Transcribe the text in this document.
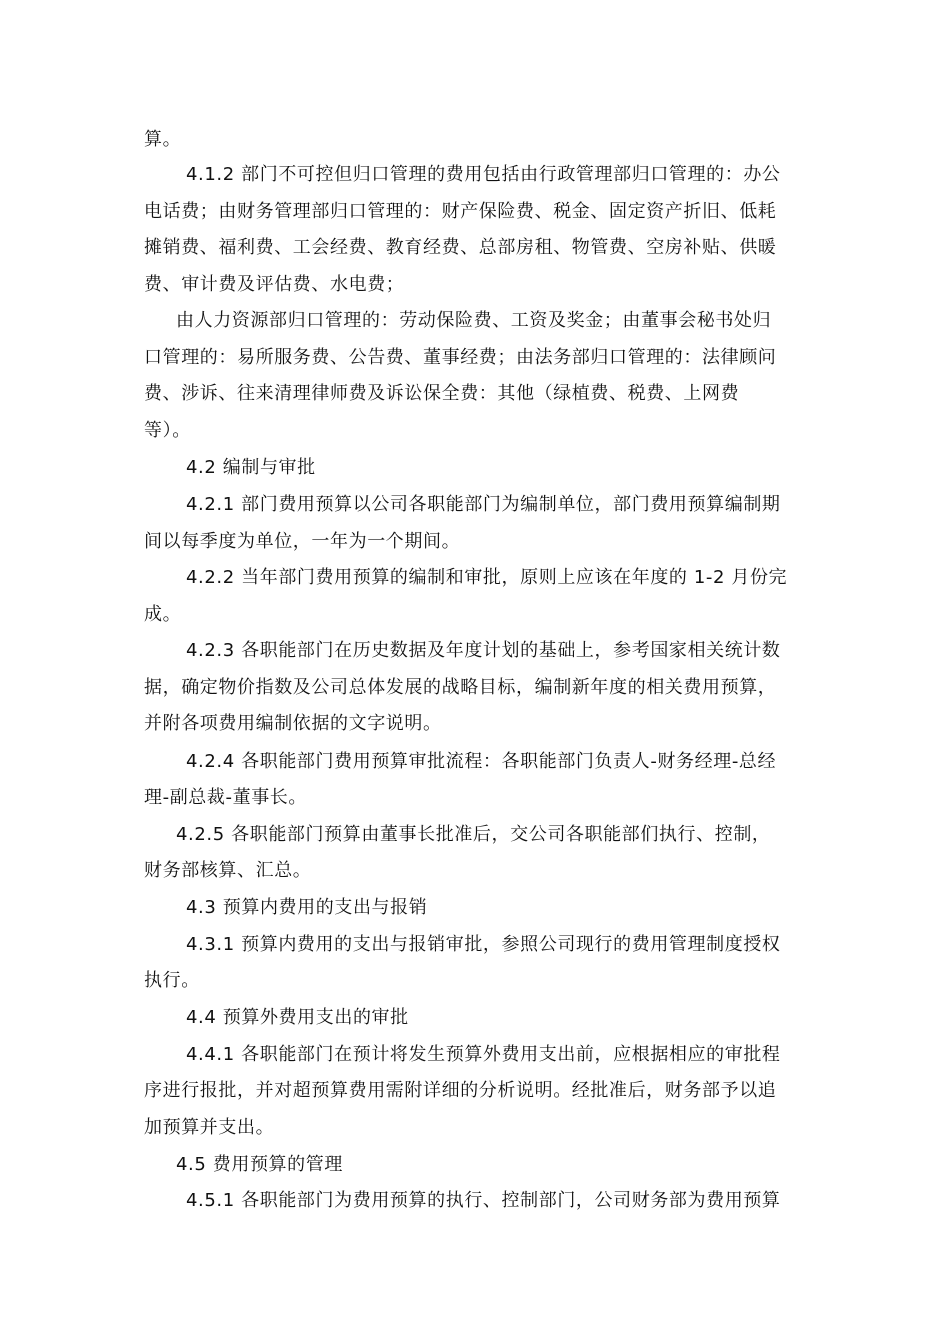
算。
4.1.2 部门不可控但归口管理的费用包括由行政管理部归口管理的：办公
电话费；由财务管理部归口管理的：财产保险费、税金、固定资产折旧、低耗
摊销费、福利费、工会经费、教育经费、总部房租、物管费、空房补贴、供暖
费、审计费及评估费、水电费；
由人力资源部归口管理的：劳动保险费、工资及奖金；由董事会秘书处归
口管理的：易所服务费、公告费、董事经费；由法务部归口管理的：法律顾问
费、涉诉、往来清理律师费及诉讼保全费：其他（绿植费、税费、上网费
等）。
4.2 编制与审批
4.2.1 部门费用预算以公司各职能部门为编制单位，部门费用预算编制期
间以每季度为单位，一年为一个期间。
4.2.2 当年部门费用预算的编制和审批，原则上应该在年度的 1-2 月份完
成。
4.2.3 各职能部门在历史数据及年度计划的基础上，参考国家相关统计数
据，确定物价指数及公司总体发展的战略目标，编制新年度的相关费用预算，
并附各项费用编制依据的文字说明。
4.2.4 各职能部门费用预算审批流程：各职能部门负责人-财务经理-总经
理-副总裁-董事长。
4.2.5 各职能部门预算由董事长批准后，交公司各职能部们执行、控制，
财务部核算、汇总。
4.3 预算内费用的支出与报销
4.3.1 预算内费用的支出与报销审批，参照公司现行的费用管理制度授权
执行。
4.4 预算外费用支出的审批
4.4.1 各职能部门在预计将发生预算外费用支出前，应根据相应的审批程
序进行报批，并对超预算费用需附详细的分析说明。经批准后，财务部予以追
加预算并支出。
4.5 费用预算的管理
4.5.1 各职能部门为费用预算的执行、控制部门，公司财务部为费用预算
